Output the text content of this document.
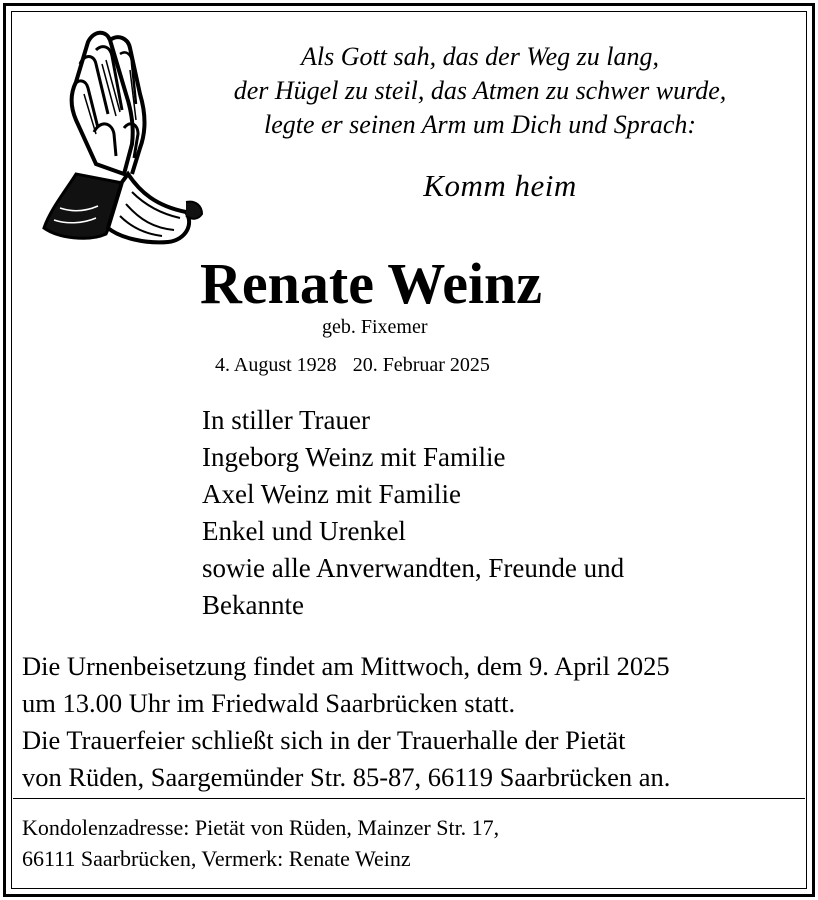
Als Gott sah, das der Weg zu lang,
der Hügel zu steil, das Atmen zu schwer wurde,
legte er seinen Arm um Dich und Sprach:
Komm heim
Renate Weinz
geb. Fixemer
4. August 1928 20. Februar 2025
In stiller Trauer
Ingeborg Weinz mit Familie
Axel Weinz mit Familie
Enkel und Urenkel
sowie alle Anverwandten, Freunde und
Bekannte
Die Urnenbeisetzung findet am Mittwoch, dem 9. April 2025
um 13.00 Uhr im Friedwald Saarbrücken statt.
Die Trauerfeier schließt sich in der Trauerhalle der Pietät
von Rüden, Saargemünder Str. 85-87, 66119 Saarbrücken an.
Kondolenzadresse: Pietät von Rüden, Mainzer Str. 17,
66111 Saarbrücken, Vermerk: Renate Weinz
